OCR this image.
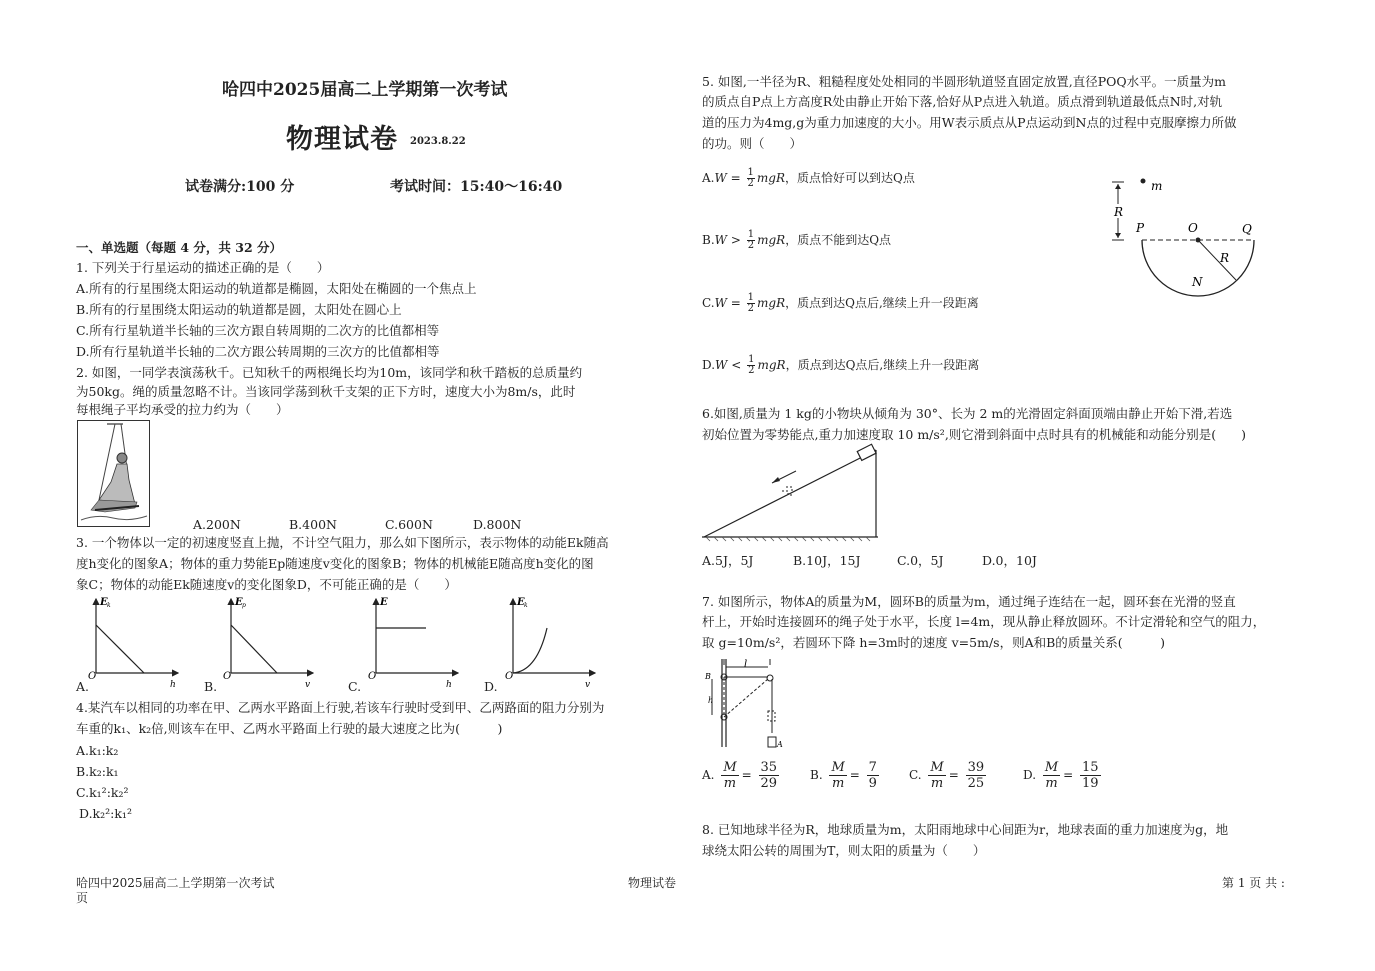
哈四中2025届高二上学期第一次考试
物理试卷 2023.8.22
试卷满分:100 分	考试时间：15:40～16:40
一、单选题（每题 4 分，共 32 分）
1. 下列关于行星运动的描述正确的是（　　）
A.所有的行星围绕太阳运动的轨道都是椭圆，太阳处在椭圆的一个焦点上
B.所有的行星围绕太阳运动的轨道都是圆，太阳处在圆心上
C.所有行星轨道半长轴的三次方跟自转周期的二次方的比值都相等
D.所有行星轨道半长轴的二次方跟公转周期的三次方的比值都相等
2. 如图，一同学表演荡秋千。已知秋千的两根绳长均为10m，该同学和秋千踏板的总质量约
为50kg。绳的质量忽略不计。当该同学荡到秋千支架的正下方时，速度大小为8m/s，此时
每根绳子平均承受的拉力约为（　　）
A.200N	B.400N	C.600N	D.800N
3. 一个物体以一定的初速度竖直上抛，不计空气阻力，那么如下图所示，表示物体的动能Ek随高
度h变化的图象A；物体的重力势能Ep随速度v变化的图象B；物体的机械能E随高度h变化的图
象C；物体的动能Ek随速度v的变化图象D，不可能正确的是（　　）
A.
E k
O
h B.
E p
O
v	C.
E
O
h	D.
E k
O
v
4.某汽车以相同的功率在甲、乙两水平路面上行驶,若该车行驶时受到甲、乙两路面的阻力分别为
车重的k₁、k₂倍,则该车在甲、乙两水平路面上行驶的最大速度之比为(　　　)
A.k₁:k₂
B.k₂:k₁
C.k₁²:k₂²
D.k₂²:k₁²
5. 如图,一半径为R、粗糙程度处处相同的半圆形轨道竖直固定放置,直径POQ水平。一质量为m
的质点自P点上方高度R处由静止开始下落,恰好从P点进入轨道。质点滑到轨道最低点N时,对轨
道的压力为4mg,g为重力加速度的大小。用W表示质点从P点运动到N点的过程中克服摩擦力所做
的功。则（　　）
$A.W = \frac{1}{2}$ mgR，质点恰好可以到达Q点
$B.W > \frac{1}{2}$ mgR，质点不能到达Q点
$C.W = \frac{1}{2}$ mgR，质点到达Q点后,继续上升一段距离
$D.W < \frac{1}{2}$ mgR，质点到达Q点后,继续上升一段距离
m
R
P	O	Q
N
R
6.如图,质量为 1 kg的小物块从倾角为 30°、长为 2 m的光滑固定斜面顶端由静止开始下滑,若选
初始位置为零势能点,重力加速度取 10 m/s²,则它滑到斜面中点时具有的机械能和动能分别是(　　)
A.5J，5J	B.10J，15J	C.0，5J	D.0，10J
7. 如图所示，物体A的质量为M，圆环B的质量为m，通过绳子连结在一起，圆环套在光滑的竖直
杆上，开始时连接圆环的绳子处于水平，长度 l=4m，现从静止释放圆环。不计定滑轮和空气的阻力，
取 g=10m/s²，若圆环下降 h=3m时的速度 v=5m/s，则A和B的质量关系(　　　)
l
B
h
A
A. $\frac{M}{m} = \frac{35}{29}$	B. $\frac{M}{m} = \frac{7}{9}$	C. $\frac{M}{m} = \frac{39}{25}$	D. $\frac{M}{m} = \frac{15}{19}$
8. 已知地球半径为R，地球质量为m，太阳雨地球中心间距为r，地球表面的重力加速度为g，地
球绕太阳公转的周围为T，则太阳的质量为（　　）
哈四中2025届高二上学期第一次考试
页
物理试卷	第 1 页 共 :
